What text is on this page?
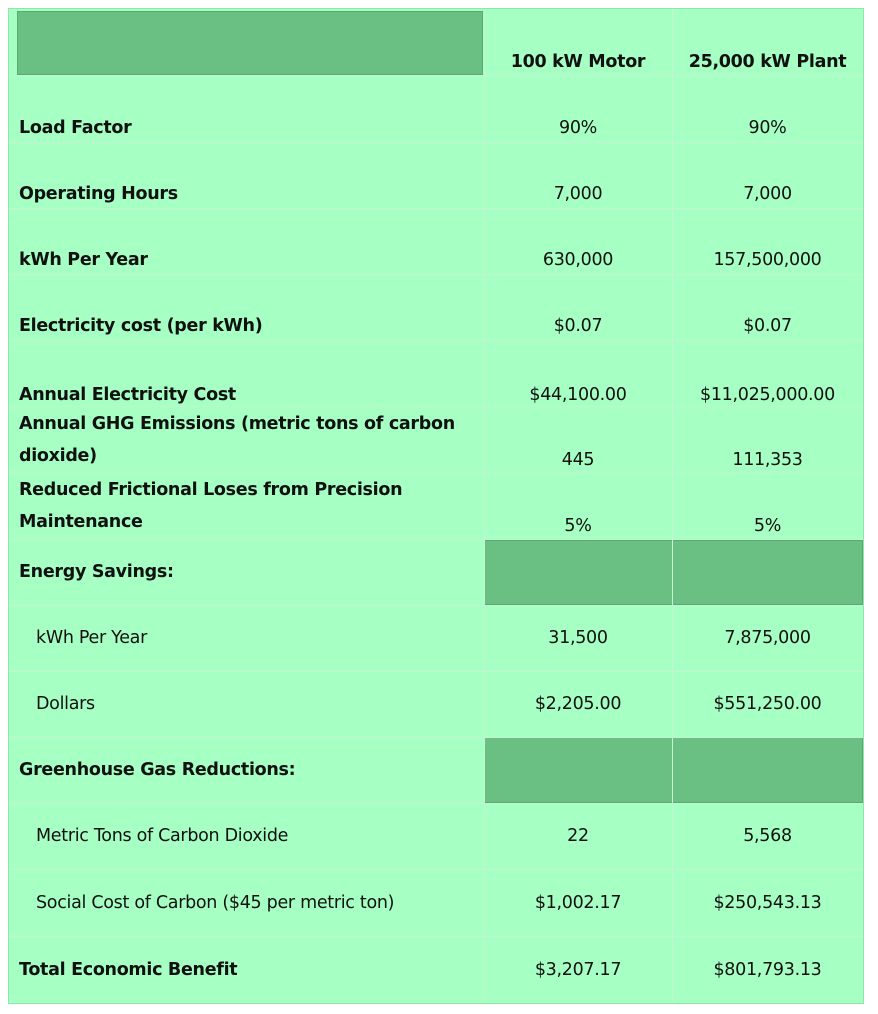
100 kW Motor	25,000 kW Plant
Load Factor	90%	90%
Operating Hours	7,000	7,000
kWh Per Year	630,000	157,500,000
Electricity cost (per kWh)	$0.07	$0.07
Annual Electricity Cost	$44,100.00	$11,025,000.00
Annual GHG Emissions (metric tons of carbon
dioxide)	445	111,353
Reduced Frictional Loses from Precision
Maintenance	5%	5%
Energy Savings:
kWh Per Year	31,500	7,875,000
Dollars	$2,205.00	$551,250.00
Greenhouse Gas Reductions:
Metric Tons of Carbon Dioxide	22	5,568
Social Cost of Carbon ($45 per metric ton)	$1,002.17	$250,543.13
Total Economic Benefit	$3,207.17	$801,793.13
